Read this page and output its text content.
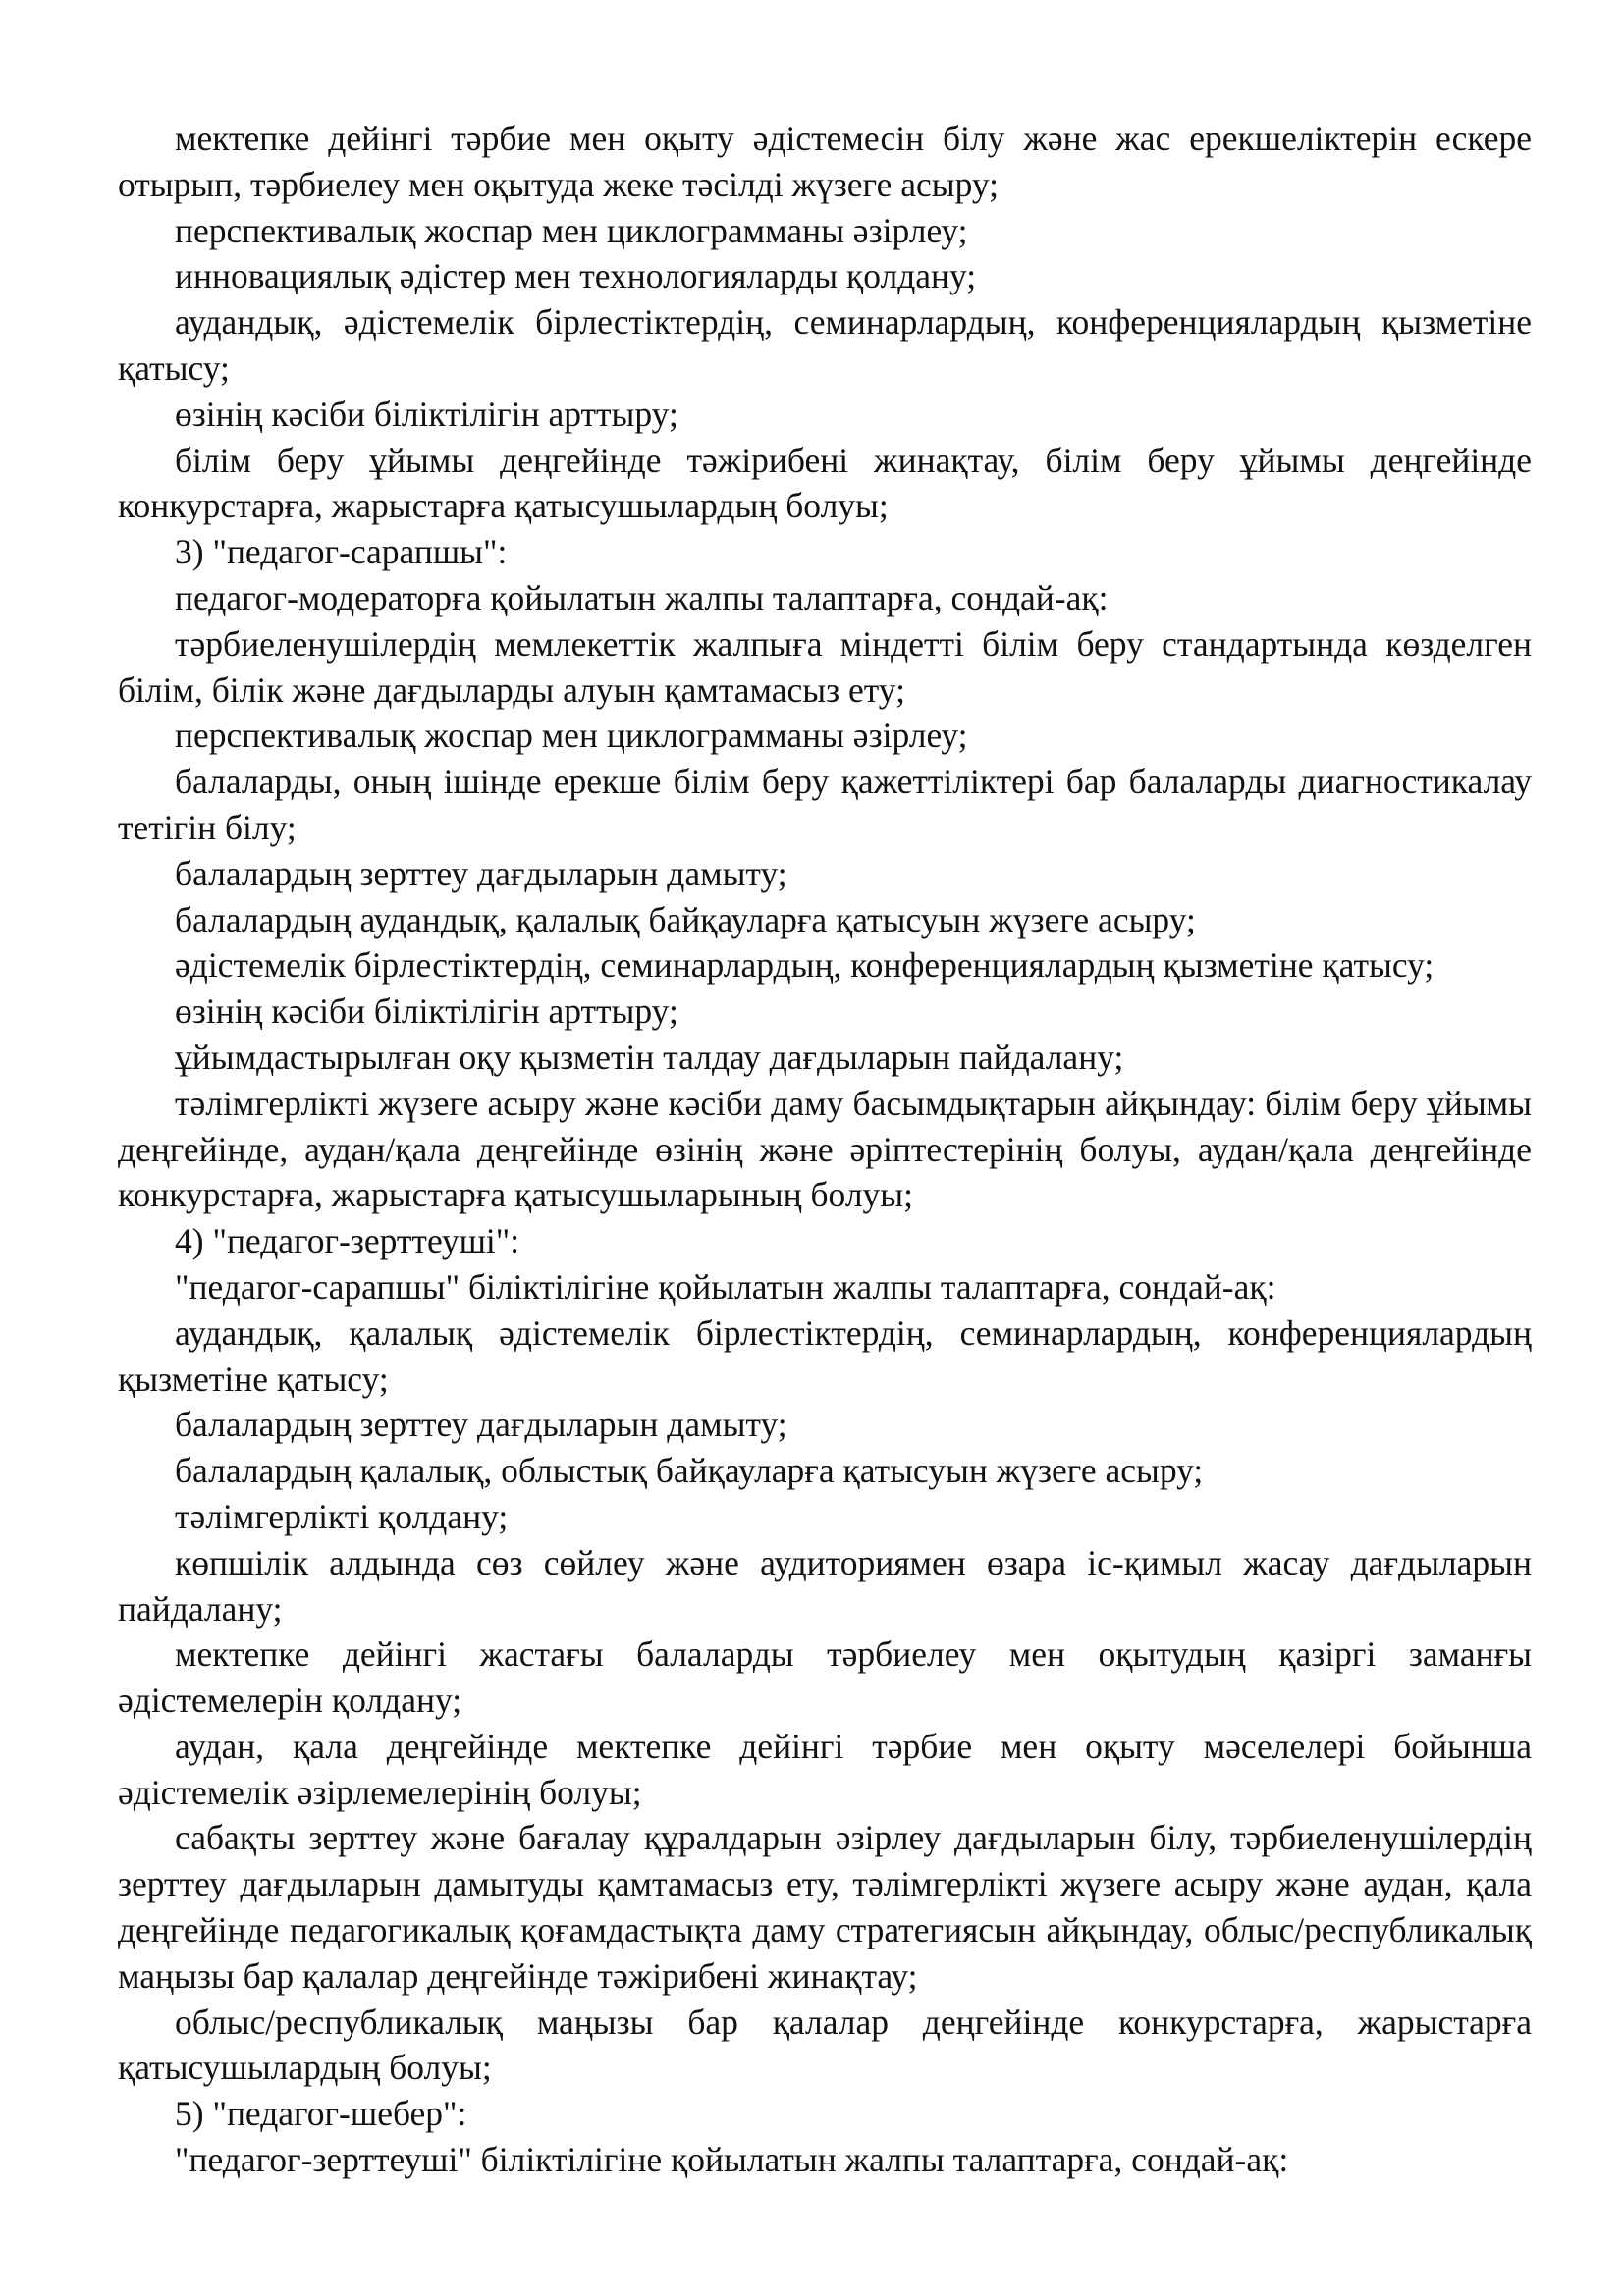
мектепке дейінгі тәрбие мен оқыту әдістемесін білу және жас ерекшеліктерін ескере отырып, тәрбиелеу мен оқытуда жеке тәсілді жүзеге асыру;

перспективалық жоспар мен циклограмманы әзірлеу;

инновациялық әдістер мен технологияларды қолдану;

аудандық, әдістемелік бірлестіктердің, семинарлардың, конференциялардың қызметіне қатысу;

өзінің кәсіби біліктілігін арттыру;

білім беру ұйымы деңгейінде тәжірибені жинақтау, білім беру ұйымы деңгейінде конкурстарға, жарыстарға қатысушылардың болуы;

3) "педагог-сарапшы":

педагог-модераторға қойылатын жалпы талаптарға, сондай-ақ:

тәрбиеленушілердің мемлекеттік жалпыға міндетті білім беру стандартында көзделген білім, білік және дағдыларды алуын қамтамасыз ету;

перспективалық жоспар мен циклограмманы әзірлеу;

балаларды, оның ішінде ерекше білім беру қажеттіліктері бар балаларды диагностикалау тетігін білу;

балалардың зерттеу дағдыларын дамыту;

балалардың аудандық, қалалық байқауларға қатысуын жүзеге асыру;

әдістемелік бірлестіктердің, семинарлардың, конференциялардың қызметіне қатысу;

өзінің кәсіби біліктілігін арттыру;

ұйымдастырылған оқу қызметін талдау дағдыларын пайдалану;

тәлімгерлікті жүзеге асыру және кәсіби даму басымдықтарын айқындау: білім беру ұйымы деңгейінде, аудан/қала деңгейінде өзінің және әріптестерінің болуы, аудан/қала деңгейінде конкурстарға, жарыстарға қатысушыларының болуы;

4) "педагог-зерттеуші":

"педагог-сарапшы" біліктілігіне қойылатын жалпы талаптарға, сондай-ақ:

аудандық, қалалық әдістемелік бірлестіктердің, семинарлардың, конференциялардың қызметіне қатысу;

балалардың зерттеу дағдыларын дамыту;

балалардың қалалық, облыстық байқауларға қатысуын жүзеге асыру;

тәлімгерлікті қолдану;

көпшілік алдында сөз сөйлеу және аудиториямен өзара іс-қимыл жасау дағдыларын пайдалану;

мектепке дейінгі жастағы балаларды тәрбиелеу мен оқытудың қазіргі заманғы әдістемелерін қолдану;

аудан, қала деңгейінде мектепке дейінгі тәрбие мен оқыту мәселелері бойынша әдістемелік әзірлемелерінің болуы;

сабақты зерттеу және бағалау құралдарын әзірлеу дағдыларын білу, тәрбиеленушілердің зерттеу дағдыларын дамытуды қамтамасыз ету, тәлімгерлікті жүзеге асыру және аудан, қала деңгейінде педагогикалық қоғамдастықта даму стратегиясын айқындау, облыс/республикалық маңызы бар қалалар деңгейінде тәжірибені жинақтау;

облыс/республикалық маңызы бар қалалар деңгейінде конкурстарға, жарыстарға қатысушылардың болуы;

5) "педагог-шебер":

"педагог-зерттеуші" біліктілігіне қойылатын жалпы талаптарға, сондай-ақ:
